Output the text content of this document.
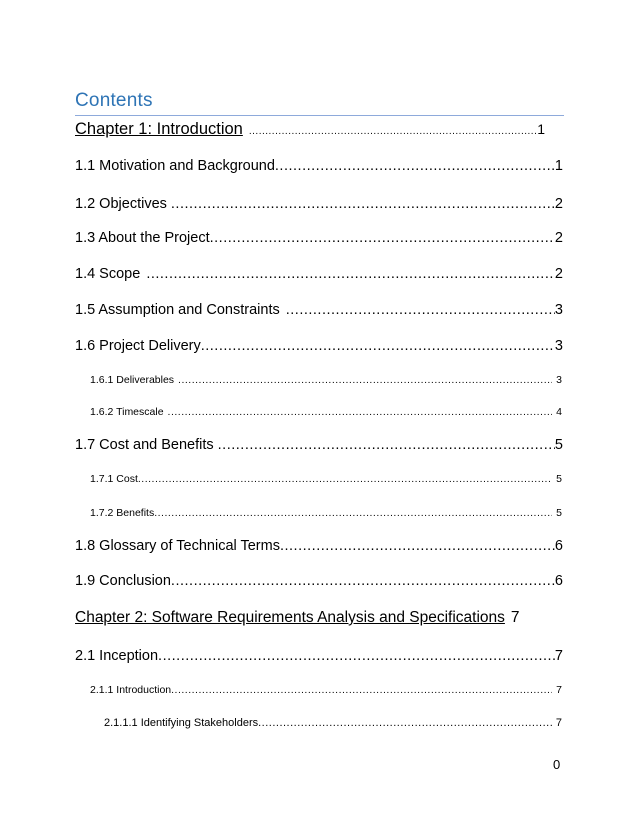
Contents
Chapter 1: Introduction .....	1
1.1 Motivation and Background .....	1
1.2 Objectives .....	2
1.3 About the Project .....	2
1.4 Scope .....	2
1.5 Assumption and Constraints .....	3
1.6 Project Delivery .....	3
1.6.1 Deliverables .....	3
1.6.2 Timescale .....	4
1.7 Cost and Benefits .....	5
1.7.1 Cost .....	5
1.7.2 Benefits .....	5
1.8 Glossary of Technical Terms .....	6
1.9 Conclusion .....	6
Chapter 2: Software Requirements Analysis and Specifications 7
2.1 Inception .....	7
2.1.1 Introduction .....	7
2.1.1.1 Identifying Stakeholders .....	7
0
